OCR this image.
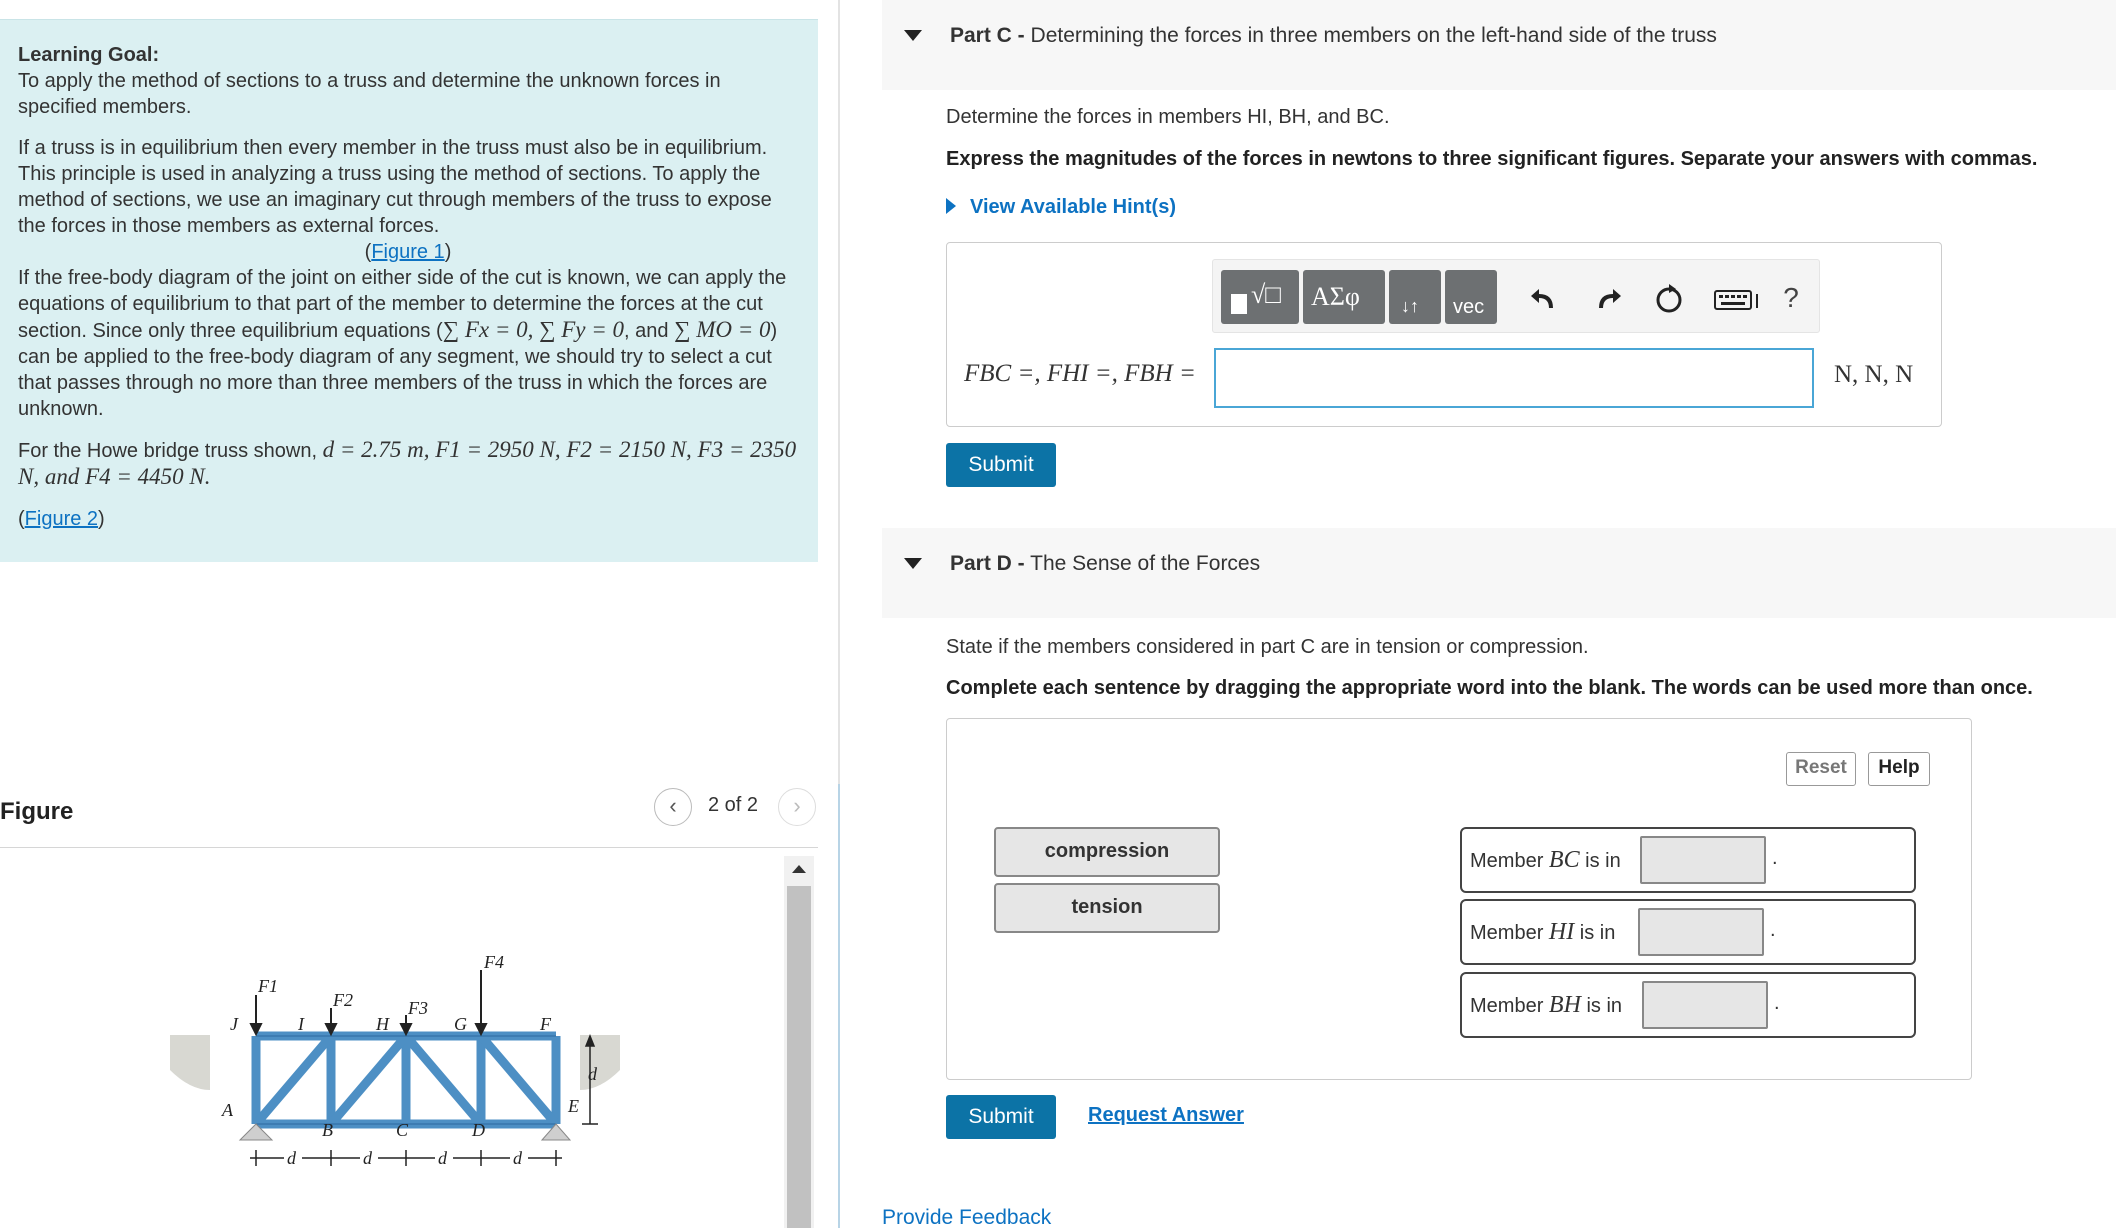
Learning Goal:

To apply the method of sections to a truss and determine the unknown forces in specified members.

If a truss is in equilibrium then every member in the truss must also be in equilibrium. This principle is used in analyzing a truss using the method of sections. To apply the method of sections, we use an imaginary cut through members of the truss to expose the forces in those members as external forces.

(Figure 1)

If the free-body diagram of the joint on either side of the cut is known, we can apply the equations of equilibrium to that part of the member to determine the forces at the cut section. Since only three equilibrium equations (∑ Fx = 0, ∑ Fy = 0, and ∑ MO = 0) can be applied to the free-body diagram of any segment, we should try to select a cut that passes through no more than three members of the truss in which the forces are unknown.

For the Howe bridge truss shown, d = 2.75 m, F1 = 2950 N, F2 = 2150 N, F3 = 2350 N, and F4 = 4450 N.

(Figure 2)

Figure	‹	2 of 2	›
F1
F2	F3
F4
J	I	H	G	F
A
B	C	D
E
d
d	d	d	d
Part C - Determining the forces in three members on the left-hand side of the truss
Determine the forces in members HI, BH, and BC.
Express the magnitudes of the forces in newtons to three significant figures. Separate your answers with commas.
View Available Hint(s)
√□ ΑΣφ ↓↑ vec	?
FBC =, FHI =, FBH =	N, N, N
Submit
Part D - The Sense of the Forces
State if the members considered in part C are in tension or compression.
Complete each sentence by dragging the appropriate word into the blank. The words can be used more than once.
Reset	Help
compression
tension
Member BC is in	.
Member HI is in	.
Member BH is in	.
Submit	Request Answer
Provide Feedback
